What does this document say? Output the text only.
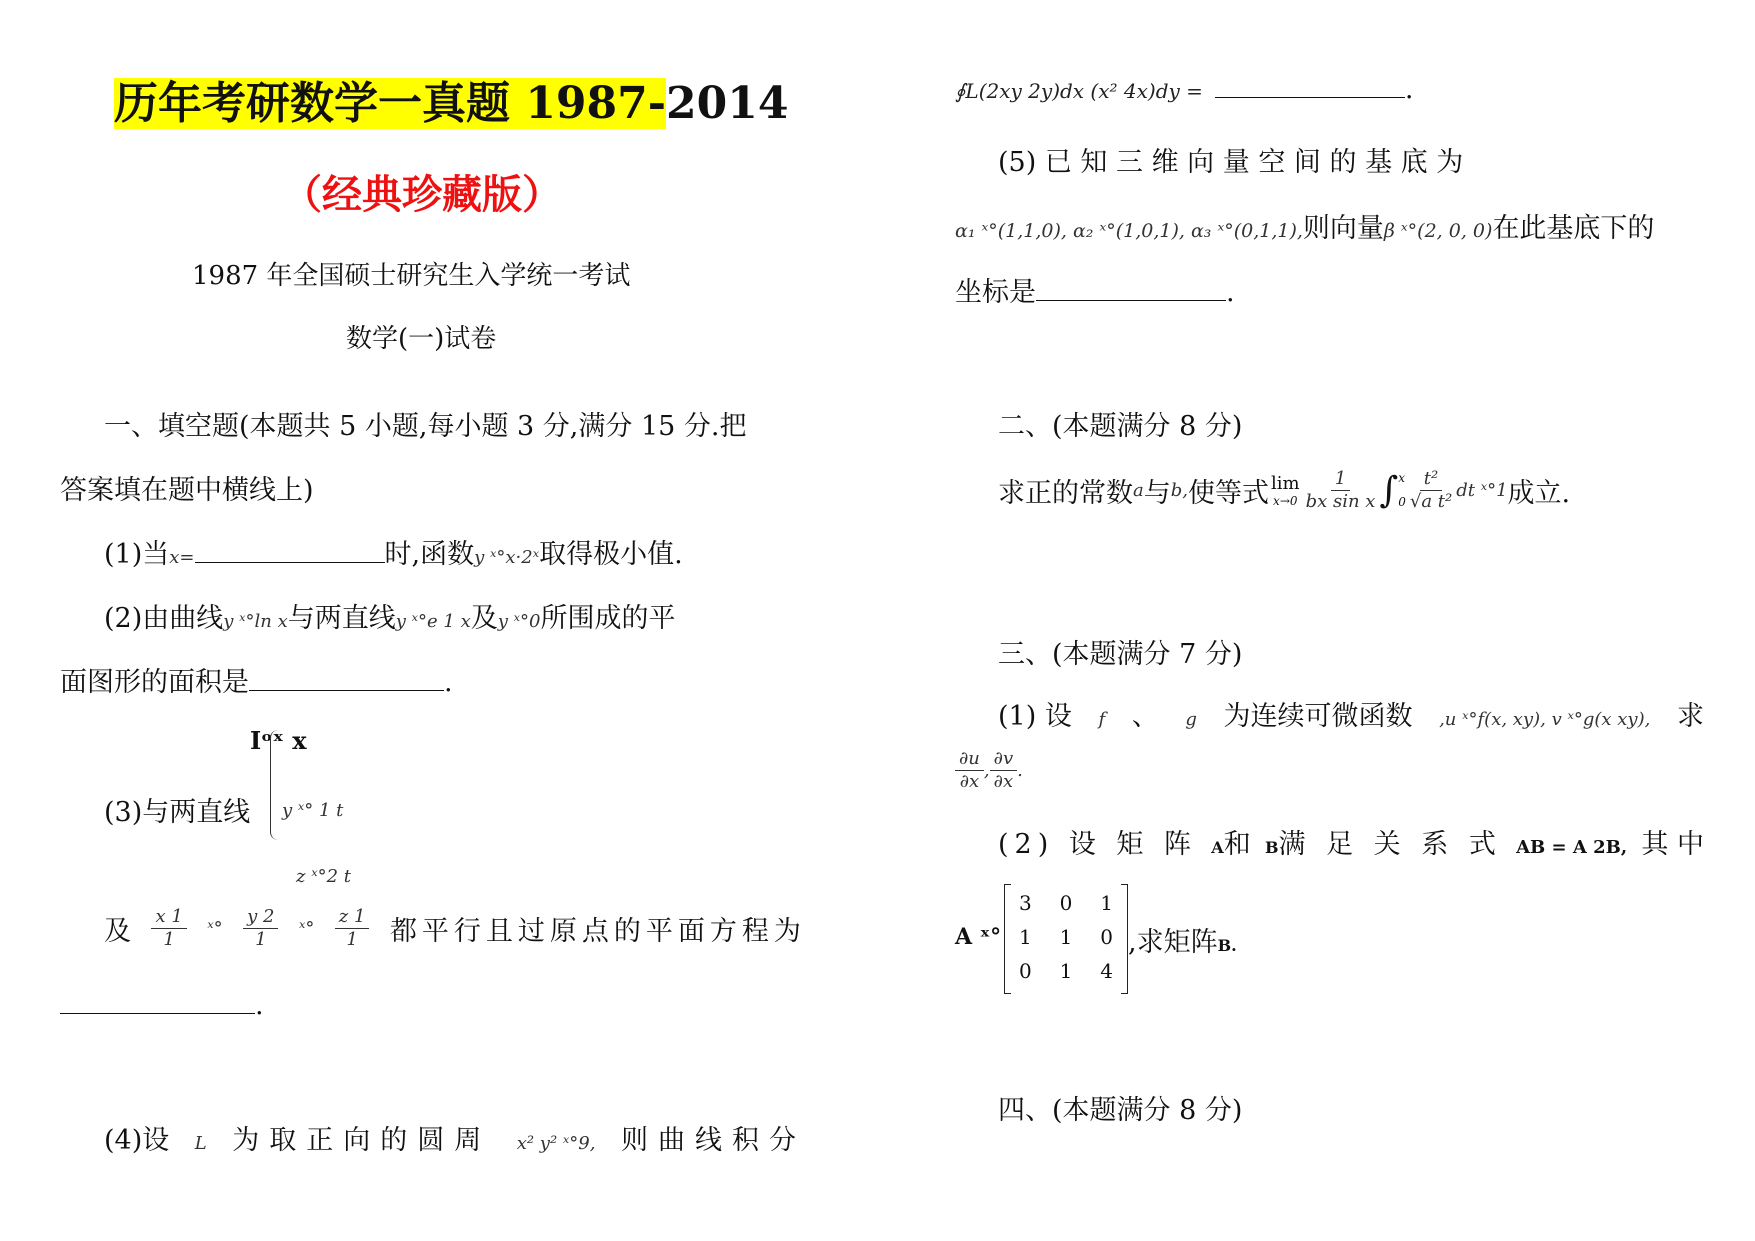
历年考研数学一真题 1987-2014
（经典珍藏版）
1987 年全国硕士研究生入学统一考试
数学(一)试卷
一、填空题(本题共 5 小题,每小题 3 分,满分 15 分.把
答案填在题中横线上)
(1)当x=	时,函数y ˣ°x·2ˣ取得极小值.
(2)由曲线y ˣ°ln x与两直线y ˣ°e 1 x及y ˣ°0所围成的平
面图形的面积是	.
Iᵒˣ x
(3)与两直线 y ˣ° 1 t
z ˣ°2 t
及 $\frac{x 1}{1}$ ˣ° $\frac{y 2}{1}$ ˣ° $\frac{z 1}{1}$ 都平行且过原点的平面方程为
.
(4)设 L 为取正向的圆周 x² y² ˣ°9, 则曲线积分
∮L(2xy 2y)dx (x² 4x)dy =	.
(5) 已 知 三 维 向 量 空 间 的 基 底 为
α₁ ˣ°(1,1,0), α₂ ˣ°(1,0,1), α₃ ˣ°(0,1,1), 则向量 β ˣ°(2, 0, 0) 在此基底下的
坐标是	.
二、(本题满分 8 分)
求正的常数 a 与 b, 使等式 lim
$x\to 0 \frac{1}{\text{bx sin x}}$ ∫ x
$0 \frac{\text{t²}}{\text{√a t²}}$ dt ˣ°1 成立.
三、(本题满分 7 分)
(1) 设 f 、 g 为连续可微函数 ,u ˣ°f(x, xy), v ˣ°g(x xy), 求
$\frac{\partial u}{\partial x}$ , $\frac{\partial v}{\partial x}$ .
(2) 设 矩 阵 A 和 B 满 足 关 系 式 AB = A 2B, 其 中
A ˣ°
3	0	1
1	1	0
0	1	4
,求矩阵 B.
四、(本题满分 8 分)
